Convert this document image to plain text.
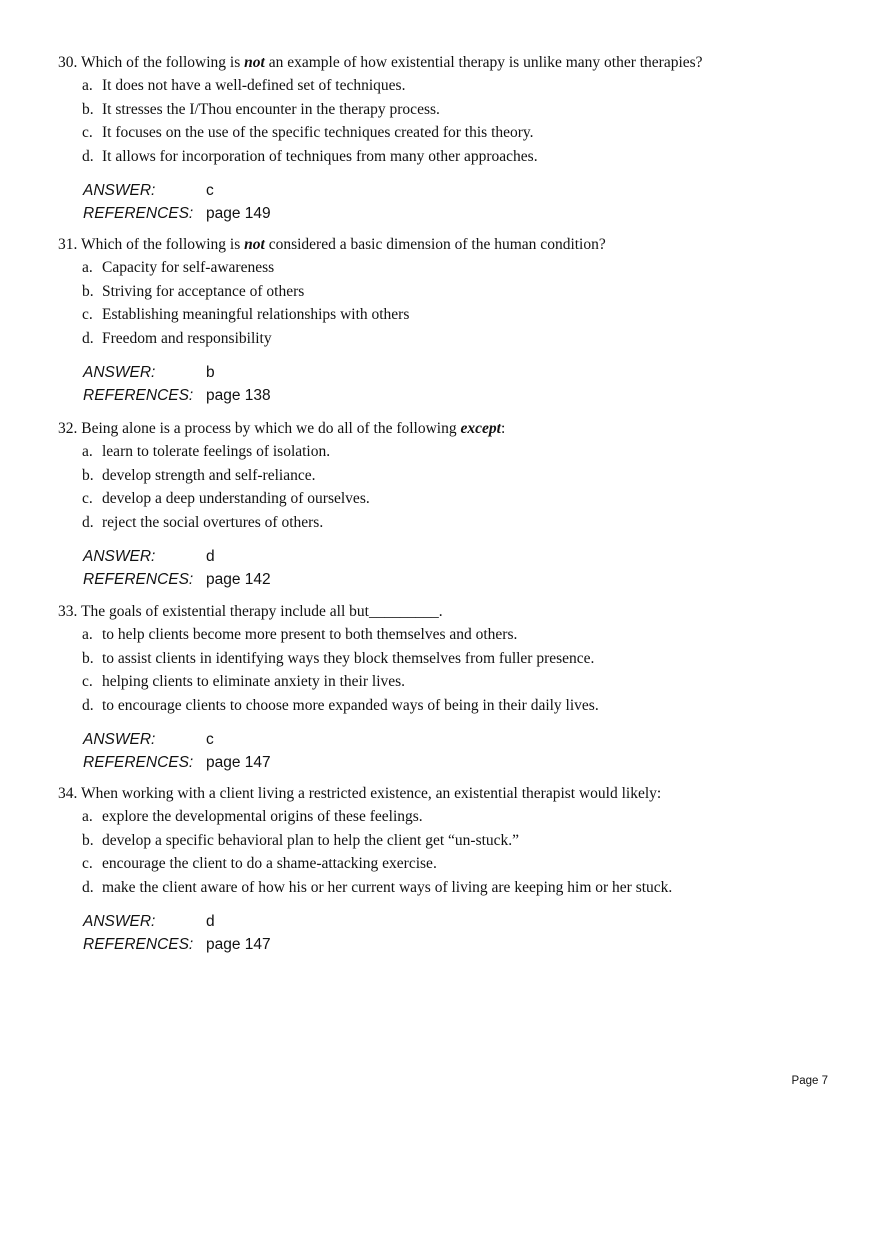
30. Which of the following is not an example of how existential therapy is unlike many other therapies?

a. It does not have a well-defined set of techniques.
b. It stresses the I/Thou encounter in the therapy process.
c. It focuses on the use of the specific techniques created for this theory.
d. It allows for incorporation of techniques from many other approaches.
ANSWER:	c
REFERENCES: page 149

31. Which of the following is not considered a basic dimension of the human condition?

a. Capacity for self-awareness
b. Striving for acceptance of others
c. Establishing meaningful relationships with others
d. Freedom and responsibility
ANSWER:	b
REFERENCES: page 138

32. Being alone is a process by which we do all of the following except:

a. learn to tolerate feelings of isolation.
b. develop strength and self-reliance.
c. develop a deep understanding of ourselves.
d. reject the social overtures of others.
ANSWER:	d
REFERENCES: page 142

33. The goals of existential therapy include all but_________.

a. to help clients become more present to both themselves and others.
b. to assist clients in identifying ways they block themselves from fuller presence.
c. helping clients to eliminate anxiety in their lives.
d. to encourage clients to choose more expanded ways of being in their daily lives.
ANSWER:	c
REFERENCES: page 147

34. When working with a client living a restricted existence, an existential therapist would likely:

a. explore the developmental origins of these feelings.
b. develop a specific behavioral plan to help the client get “un-stuck.”
c. encourage the client to do a shame-attacking exercise.
d. make the client aware of how his or her current ways of living are keeping him or her stuck.
ANSWER:	d
REFERENCES: page 147
Page 7
